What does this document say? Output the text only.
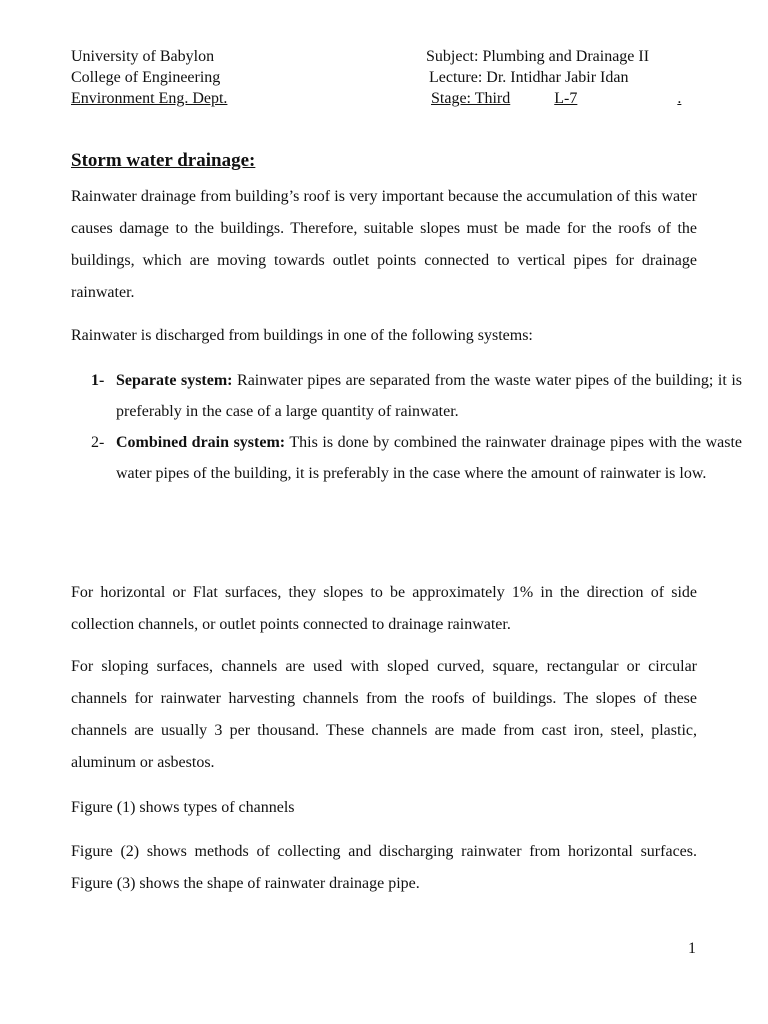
University of Babylon
College of Engineering
Environment Eng. Dept.
Subject: Plumbing and Drainage II
Lecture: Dr. Intidhar Jabir Idan
Stage: Third	L-7	.
Storm water drainage:
Rainwater drainage from building’s roof is very important because the accumulation of this water causes damage to the buildings. Therefore, suitable slopes must be made for the roofs of the buildings, which are moving towards outlet points connected to vertical pipes for drainage rainwater.
Rainwater is discharged from buildings in one of the following systems:
1- Separate system: Rainwater pipes are separated from the waste water pipes of the building; it is preferably in the case of a large quantity of rainwater.
2- Combined drain system: This is done by combined the rainwater drainage pipes with the waste water pipes of the building, it is preferably in the case where the amount of rainwater is low.
For horizontal or Flat surfaces, they slopes to be approximately 1% in the direction of side collection channels, or outlet points connected to drainage rainwater.
For sloping surfaces, channels are used with sloped curved, square, rectangular or circular channels for rainwater harvesting channels from the roofs of buildings. The slopes of these channels are usually 3 per thousand. These channels are made from cast iron, steel, plastic, aluminum or asbestos.
Figure (1) shows types of channels
Figure (2) shows methods of collecting and discharging rainwater from horizontal surfaces. Figure (3) shows the shape of rainwater drainage pipe.
1
